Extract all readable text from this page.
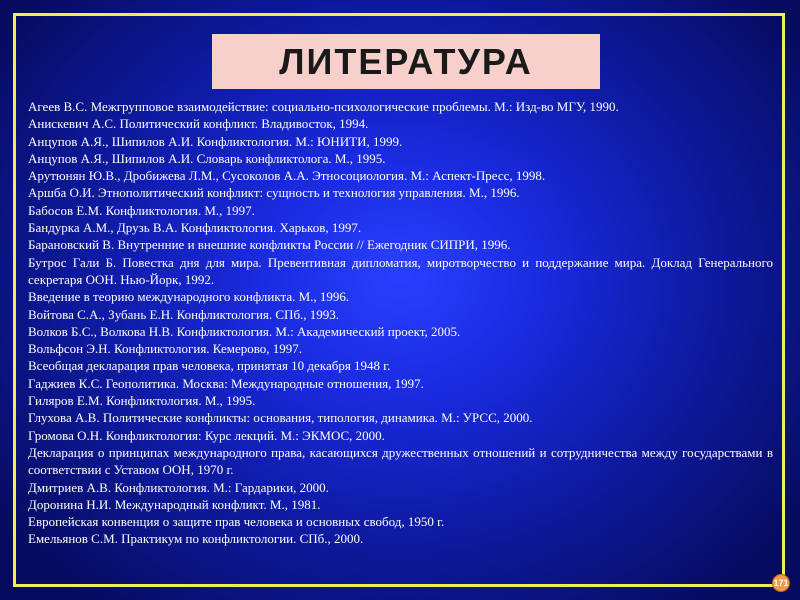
ЛИТЕРАТУРА
Агеев В.С. Межгрупповое взаимодействие: социально-психологические проблемы. М.: Изд-во МГУ, 1990.
Анискевич А.С. Политический конфликт. Владивосток, 1994.
Анцупов А.Я., Шипилов А.И. Конфликтология. М.: ЮНИТИ, 1999.
Анцупов А.Я., Шипилов А.И. Словарь конфликтолога. М., 1995.
Арутюнян Ю.В., Дробижева Л.М., Сусоколов А.А. Этносоциология. М.: Аспект-Пресс, 1998.
Аршба О.И. Этнополитический конфликт: сущность и технология управления. М., 1996.
Бабосов Е.М. Конфликтология. М., 1997.
Бандурка А.М., Друзь В.А. Конфликтология. Харьков, 1997.
Барановский В. Внутренние и внешние конфликты России // Ежегодник СИПРИ, 1996.
Бутрос Гали Б. Повестка дня для мира. Превентивная дипломатия, миротворчество и поддержание мира. Доклад Генерального секретаря ООН. Нью-Йорк, 1992.
Введение в теорию международного конфликта. М., 1996.
Войтова С.А., Зубань Е.Н. Конфликтология. СПб., 1993.
Волков Б.С., Волкова Н.В. Конфликтология. М.: Академический проект, 2005.
Вольфсон Э.Н. Конфликтология. Кемерово, 1997.
Всеобщая декларация прав человека, принятая 10 декабря 1948 г.
Гаджиев К.С. Геополитика. Москва: Международные отношения, 1997.
Гиляров Е.М. Конфликтология. М., 1995.
Глухова А.В. Политические конфликты: основания, типология, динамика. М.: УРСС, 2000.
Громова О.Н. Конфликтология: Курс лекций. М.: ЭКМОС, 2000.
Декларация о принципах международного права, касающихся дружественных отношений и сотрудничества между государствами в соответствии с Уставом ООН, 1970 г.
Дмитриев А.В. Конфликтология. М.: Гардарики, 2000.
Доронина Н.И. Международный конфликт. М., 1981.
Европейская конвенция о защите прав человека и основных свобод, 1950 г.
Емельянов С.М. Практикум по конфликтологии. СПб., 2000.
171
